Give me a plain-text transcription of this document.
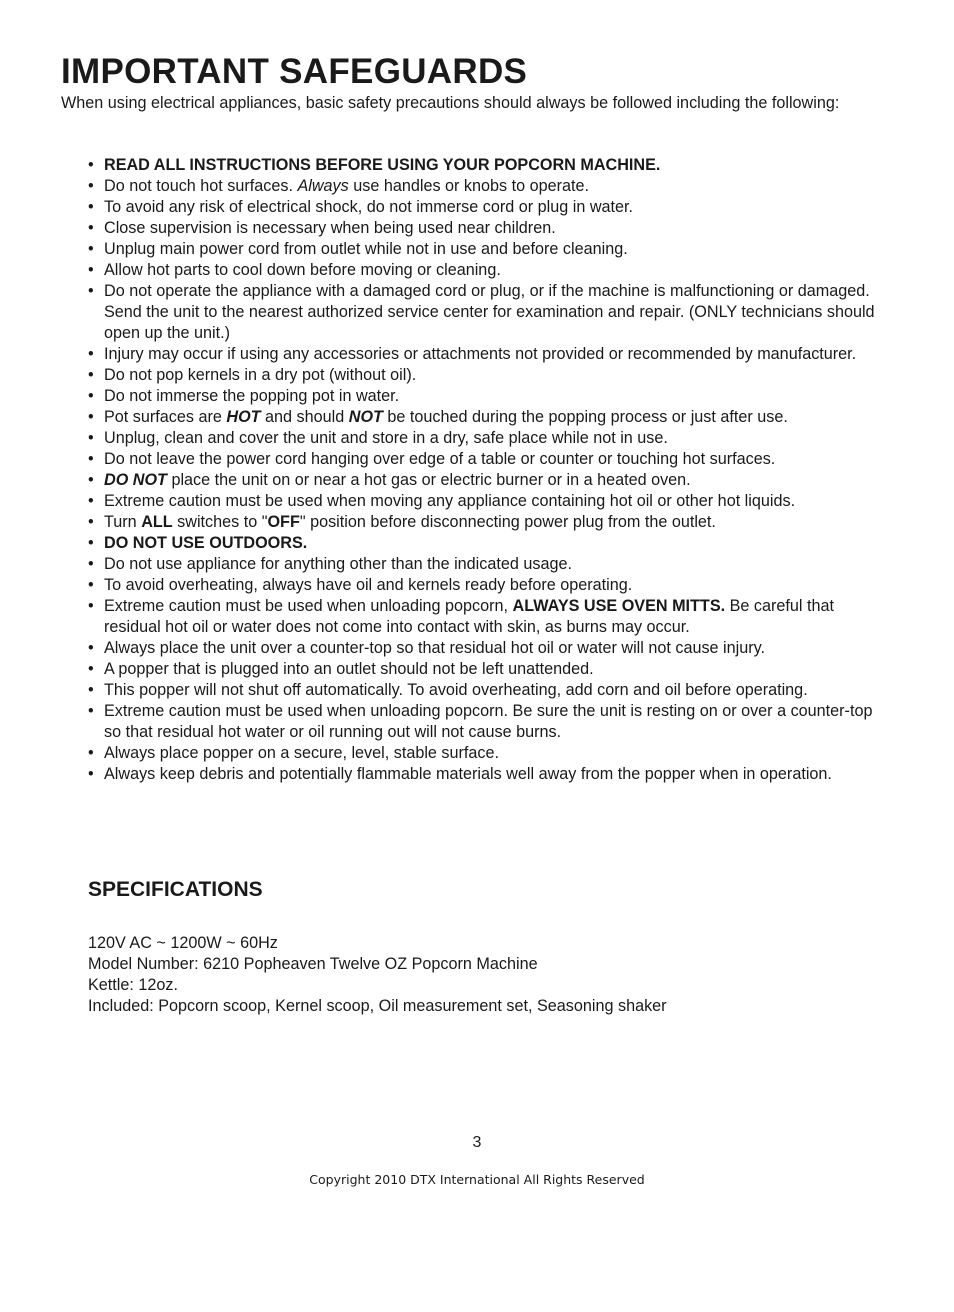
IMPORTANT SAFEGUARDS

When using electrical appliances, basic safety precautions should always be followed including the following:

• READ ALL INSTRUCTIONS BEFORE USING YOUR POPCORN MACHINE.
• Do not touch hot surfaces. Always use handles or knobs to operate.
• To avoid any risk of electrical shock, do not immerse cord or plug in water.
• Close supervision is necessary when being used near children.
• Unplug main power cord from outlet while not in use and before cleaning.
• Allow hot parts to cool down before moving or cleaning.
• Do not operate the appliance with a damaged cord or plug, or if the machine is malfunctioning or damaged. Send the unit to the nearest authorized service center for examination and repair. (ONLY technicians should open up the unit.)
• Injury may occur if using any accessories or attachments not provided or recommended by manufacturer.
• Do not pop kernels in a dry pot (without oil).
• Do not immerse the popping pot in water.
• Pot surfaces are HOT and should NOT be touched during the popping process or just after use.
• Unplug, clean and cover the unit and store in a dry, safe place while not in use.
• Do not leave the power cord hanging over edge of a table or counter or touching hot surfaces.
• DO NOT place the unit on or near a hot gas or electric burner or in a heated oven.
• Extreme caution must be used when moving any appliance containing hot oil or other hot liquids.
• Turn ALL switches to "OFF" position before disconnecting power plug from the outlet.
• DO NOT USE OUTDOORS.
• Do not use appliance for anything other than the indicated usage.
• To avoid overheating, always have oil and kernels ready before operating.
• Extreme caution must be used when unloading popcorn, ALWAYS USE OVEN MITTS. Be careful that residual hot oil or water does not come into contact with skin, as burns may occur.
• Always place the unit over a counter-top so that residual hot oil or water will not cause injury.
• A popper that is plugged into an outlet should not be left unattended.
• This popper will not shut off automatically. To avoid overheating, add corn and oil before operating.
• Extreme caution must be used when unloading popcorn. Be sure the unit is resting on or over a counter-top so that residual hot water or oil running out will not cause burns.
• Always place popper on a secure, level, stable surface.
• Always keep debris and potentially flammable materials well away from the popper when in operation.
SPECIFICATIONS
120V AC ~ 1200W ~ 60Hz
Model Number: 6210 Popheaven Twelve OZ Popcorn Machine
Kettle: 12oz.
Included: Popcorn scoop, Kernel scoop, Oil measurement set, Seasoning shaker
3
Copyright 2010 DTX International All Rights Reserved
